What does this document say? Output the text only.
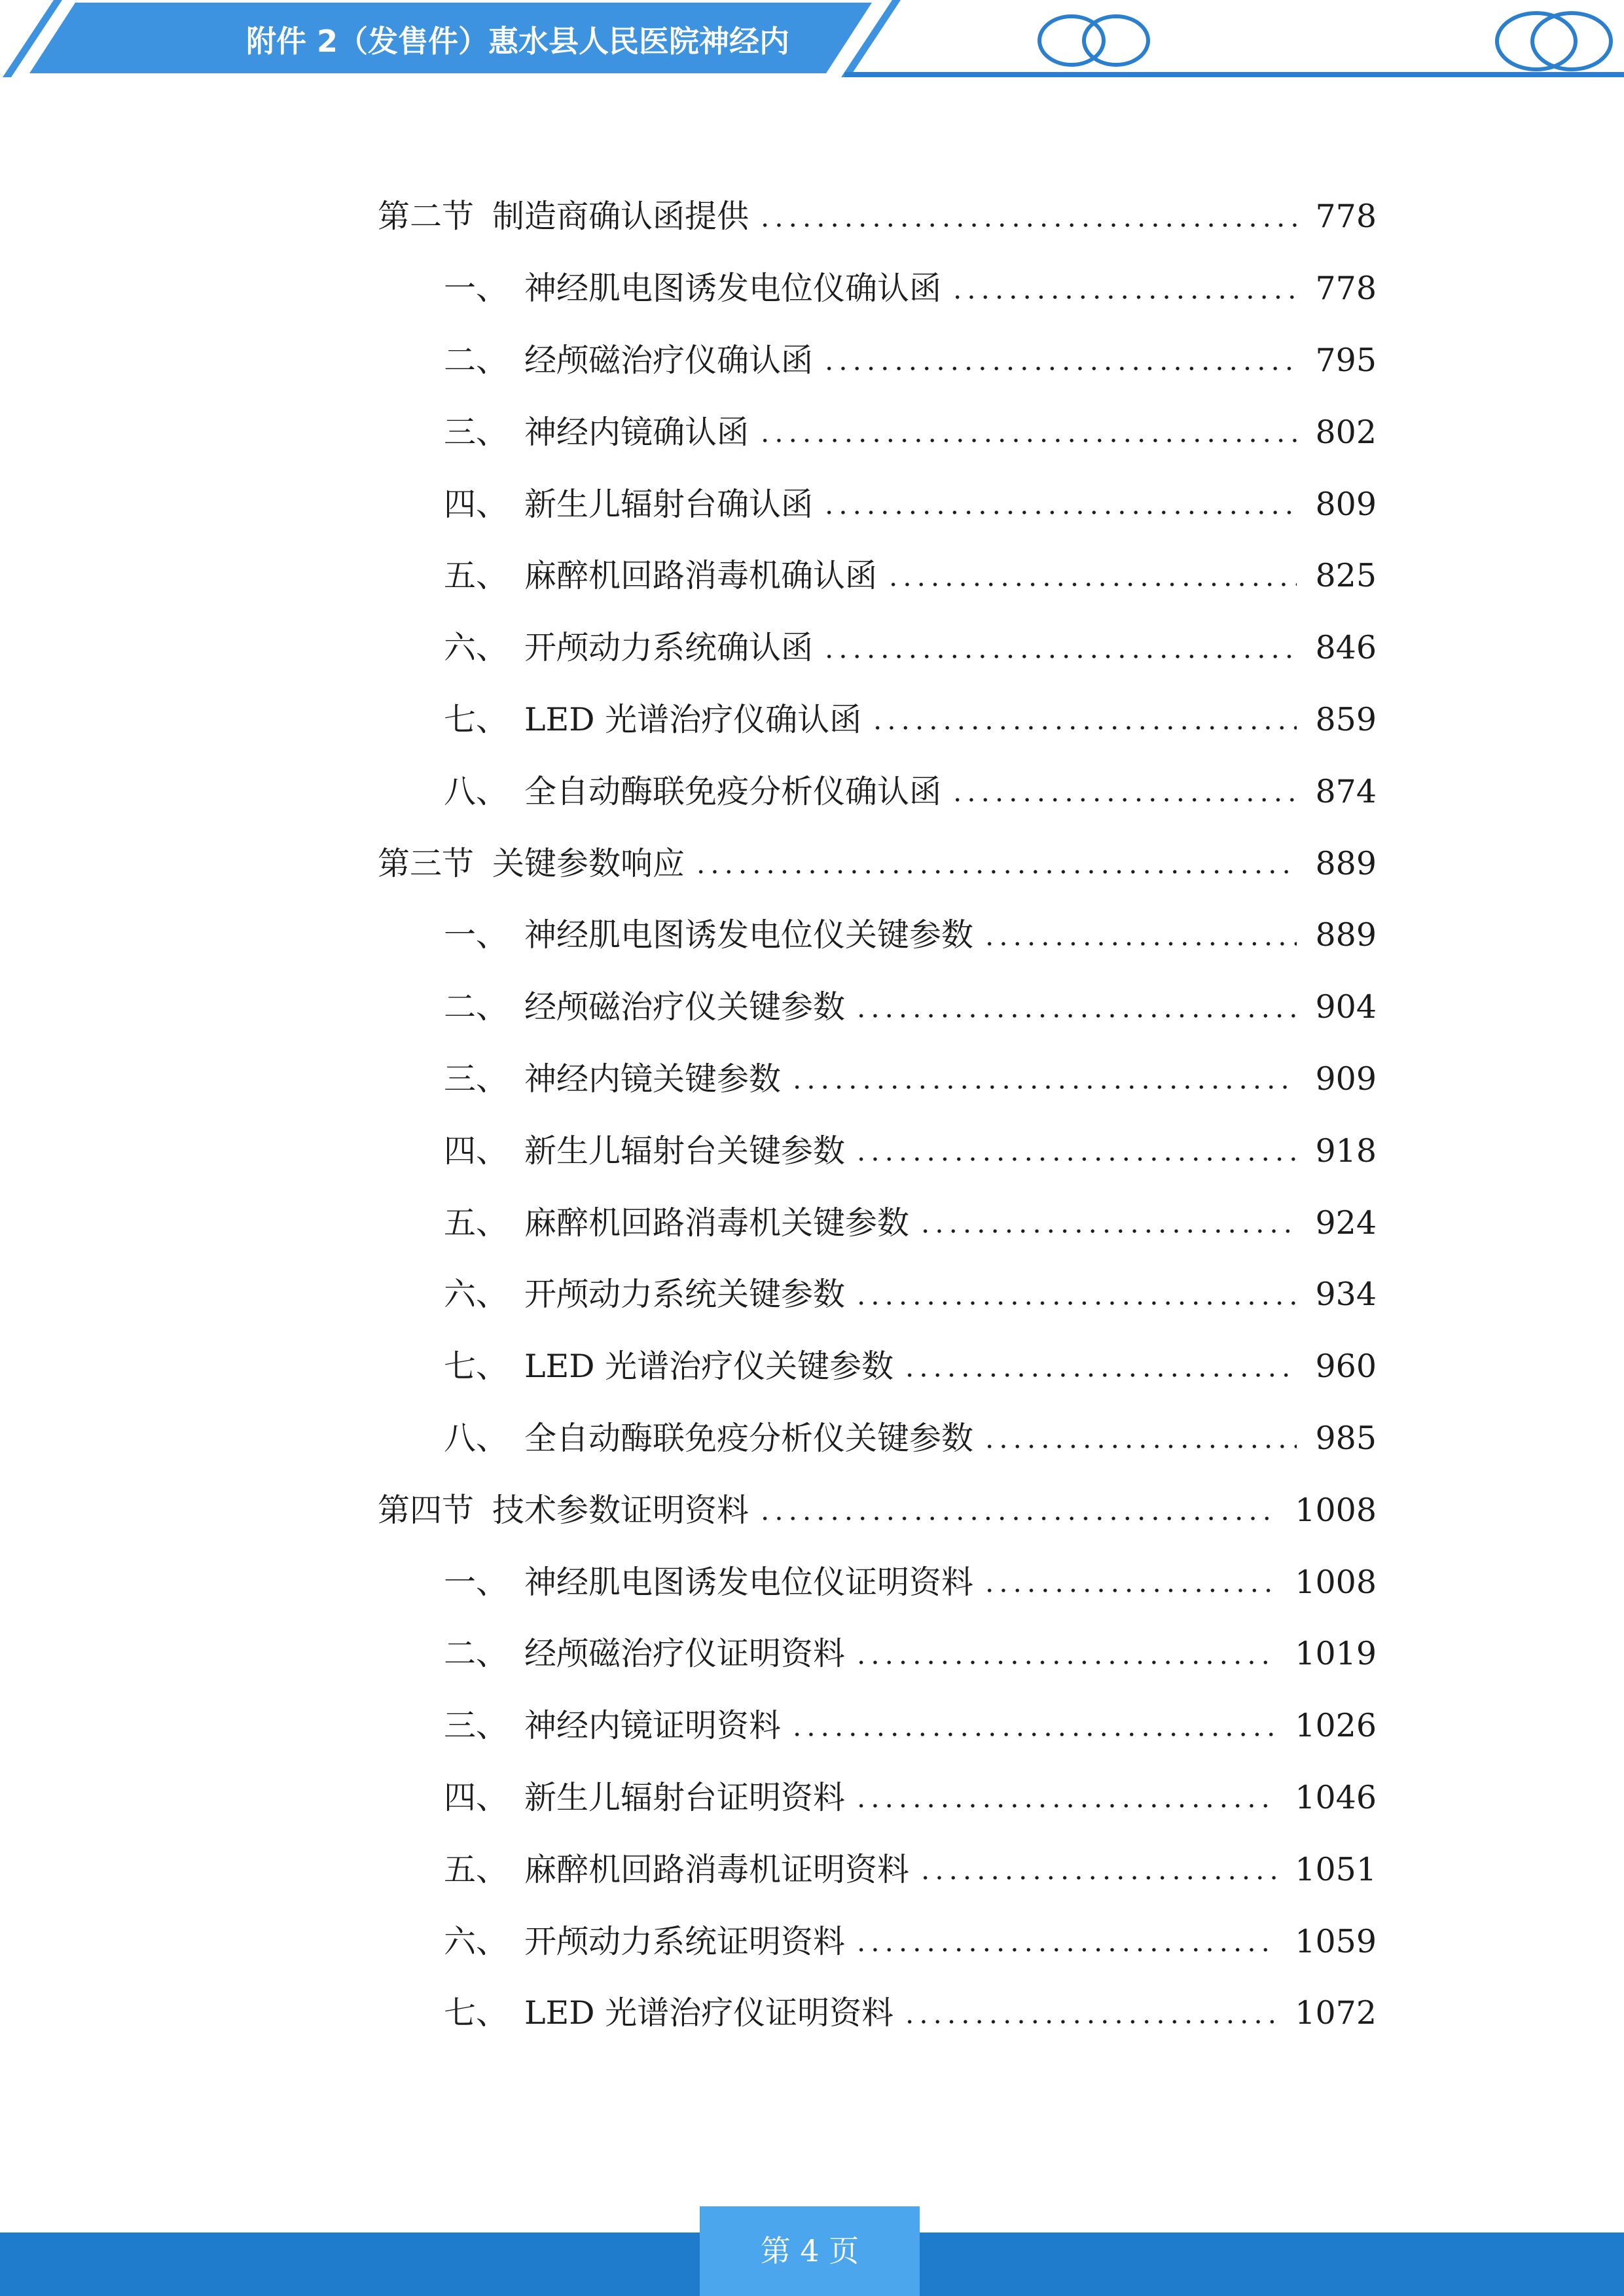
附件 2（发售件）惠水县人民医院神经内
第二节 制造商确认函提供	778
一、 神经肌电图诱发电位仪确认函	778
二、 经颅磁治疗仪确认函	795
三、 神经内镜确认函	802
四、 新生儿辐射台确认函	809
五、 麻醉机回路消毒机确认函	825
六、 开颅动力系统确认函	846
七、 LED 光谱治疗仪确认函	859
八、 全自动酶联免疫分析仪确认函	874
第三节 关键参数响应	889
一、 神经肌电图诱发电位仪关键参数	889
二、 经颅磁治疗仪关键参数	904
三、 神经内镜关键参数	909
四、 新生儿辐射台关键参数	918
五、 麻醉机回路消毒机关键参数	924
六、 开颅动力系统关键参数	934
七、 LED 光谱治疗仪关键参数	960
八、 全自动酶联免疫分析仪关键参数	985
第四节 技术参数证明资料	1008
一、 神经肌电图诱发电位仪证明资料	1008
二、 经颅磁治疗仪证明资料	1019
三、 神经内镜证明资料	1026
四、 新生儿辐射台证明资料	1046
五、 麻醉机回路消毒机证明资料	1051
六、 开颅动力系统证明资料	1059
七、 LED 光谱治疗仪证明资料	1072
第 4 页
